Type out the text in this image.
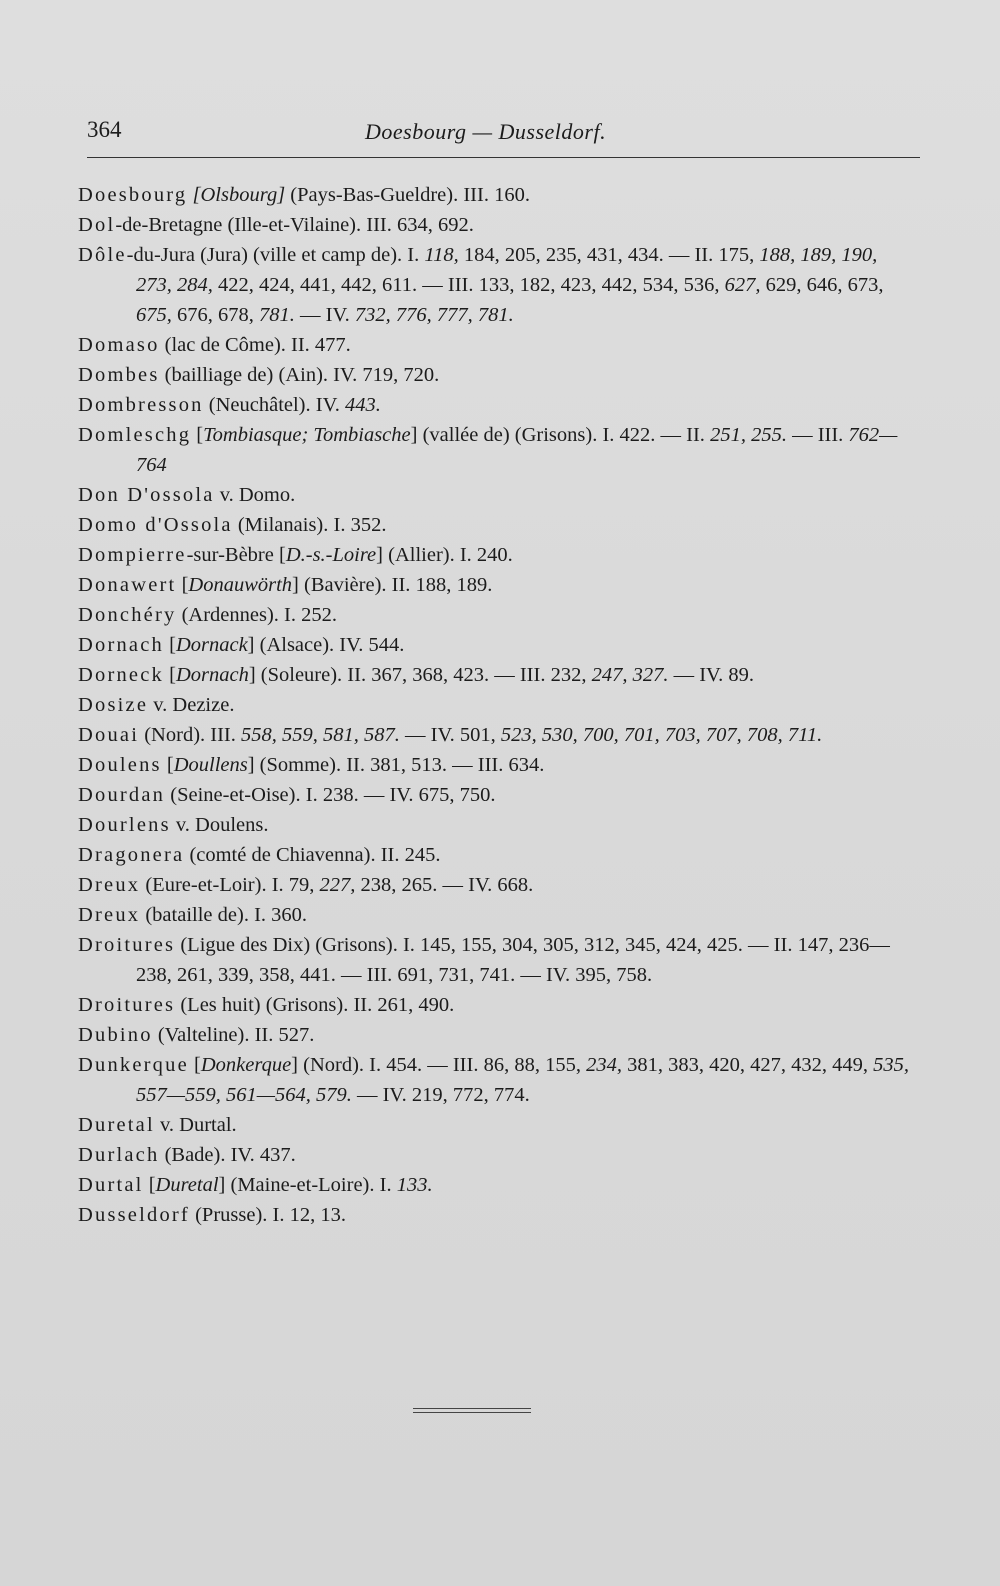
364	Doesbourg — Dusseldorf.

Doesbourg [Olsbourg] (Pays-Bas-Gueldre). III. 160.

Dol-de-Bretagne (Ille-et-Vilaine). III. 634, 692.

Dôle-du-Jura (Jura) (ville et camp de). I. 118, 184, 205, 235, 431, 434. — II. 175, 188, 189, 190, 273, 284, 422, 424, 441, 442, 611. — III. 133, 182, 423, 442, 534, 536, 627, 629, 646, 673, 675, 676, 678, 781. — IV. 732, 776, 777, 781.

Domaso (lac de Côme). II. 477.

Dombes (bailliage de) (Ain). IV. 719, 720.

Dombresson (Neuchâtel). IV. 443.

Domleschg [Tombiasque; Tombiasche] (vallée de) (Grisons). I. 422. — II. 251, 255. — III. 762—764

Don D'ossola v. Domo.

Domo d'Ossola (Milanais). I. 352.

Dompierre-sur-Bèbre [D.-s.-Loire] (Allier). I. 240.

Donawert [Donauwörth] (Bavière). II. 188, 189.

Donchéry (Ardennes). I. 252.

Dornach [Dornack] (Alsace). IV. 544.

Dorneck [Dornach] (Soleure). II. 367, 368, 423. — III. 232, 247, 327. — IV. 89.

Dosize v. Dezize.

Douai (Nord). III. 558, 559, 581, 587. — IV. 501, 523, 530, 700, 701, 703, 707, 708, 711.

Doulens [Doullens] (Somme). II. 381, 513. — III. 634.

Dourdan (Seine-et-Oise). I. 238. — IV. 675, 750.

Dourlens v. Doulens.

Dragonera (comté de Chiavenna). II. 245.

Dreux (Eure-et-Loir). I. 79, 227, 238, 265. — IV. 668.

Dreux (bataille de). I. 360.

Droitures (Ligue des Dix) (Grisons). I. 145, 155, 304, 305, 312, 345, 424, 425. — II. 147, 236—238, 261, 339, 358, 441. — III. 691, 731, 741. — IV. 395, 758.

Droitures (Les huit) (Grisons). II. 261, 490.

Dubino (Valteline). II. 527.

Dunkerque [Donkerque] (Nord). I. 454. — III. 86, 88, 155, 234, 381, 383, 420, 427, 432, 449, 535, 557—559, 561—564, 579. — IV. 219, 772, 774.

Duretal v. Durtal.

Durlach (Bade). IV. 437.

Durtal [Duretal] (Maine-et-Loire). I. 133.

Dusseldorf (Prusse). I. 12, 13.
